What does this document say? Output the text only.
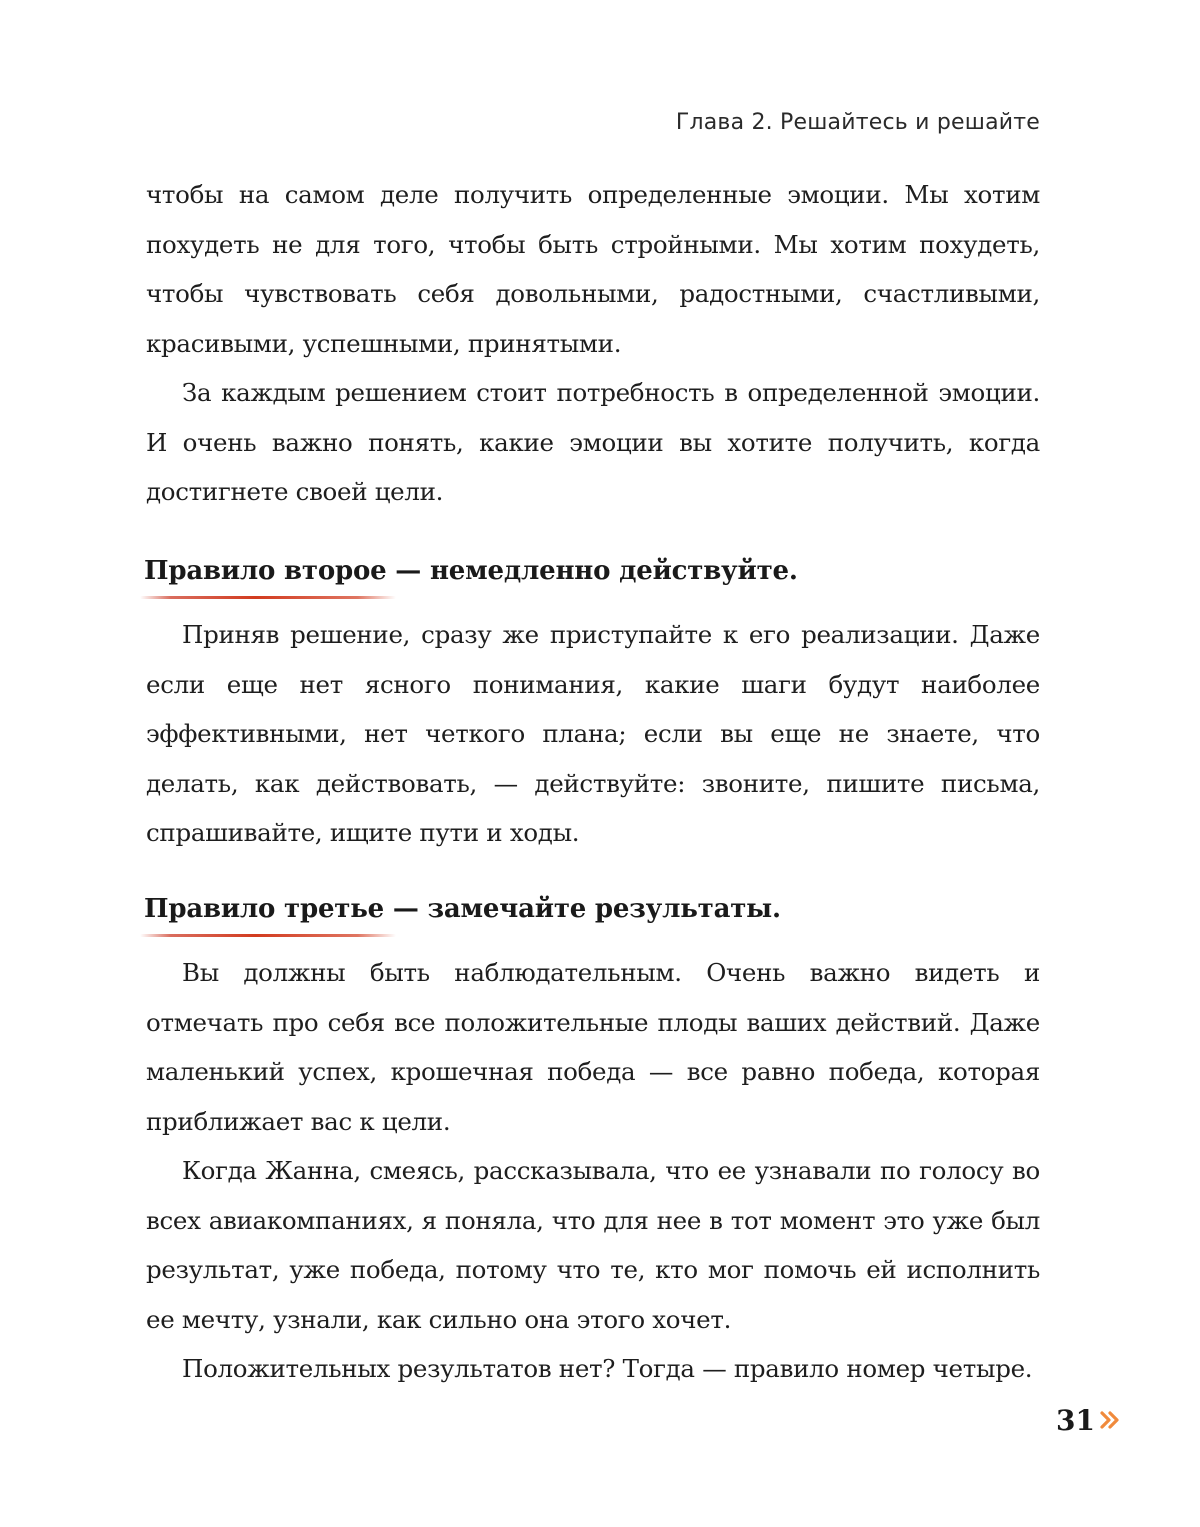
Глава 2. Решайтесь и решайте

чтобы на самом деле получить определенные эмоции. Мы хотим похудеть не для того, чтобы быть стройными. Мы хотим похудеть, чтобы чувствовать себя довольными, радостными, счастливыми, красивыми, успешными, принятыми.

За каждым решением стоит потребность в определенной эмоции. И очень важно понять, какие эмоции вы хотите получить, когда достигнете своей цели.

Правило второе — немедленно действуйте.

Приняв решение, сразу же приступайте к его реализации. Даже если еще нет ясного понимания, какие шаги будут наиболее эффективными, нет четкого плана; если вы еще не знаете, что делать, как действовать, — действуйте: звоните, пишите письма, спрашивайте, ищите пути и ходы.

Правило третье — замечайте результаты.

Вы должны быть наблюдательным. Очень важно видеть и отмечать про себя все положительные плоды ваших действий. Даже маленький успех, крошечная победа — все равно победа, которая приближает вас к цели.

Когда Жанна, смеясь, рассказывала, что ее узнавали по голосу во всех авиакомпаниях, я поняла, что для нее в тот момент это уже был результат, уже победа, потому что те, кто мог помочь ей исполнить ее мечту, узнали, как сильно она этого хочет.

Положительных результатов нет? Тогда — правило номер четыре.

31
